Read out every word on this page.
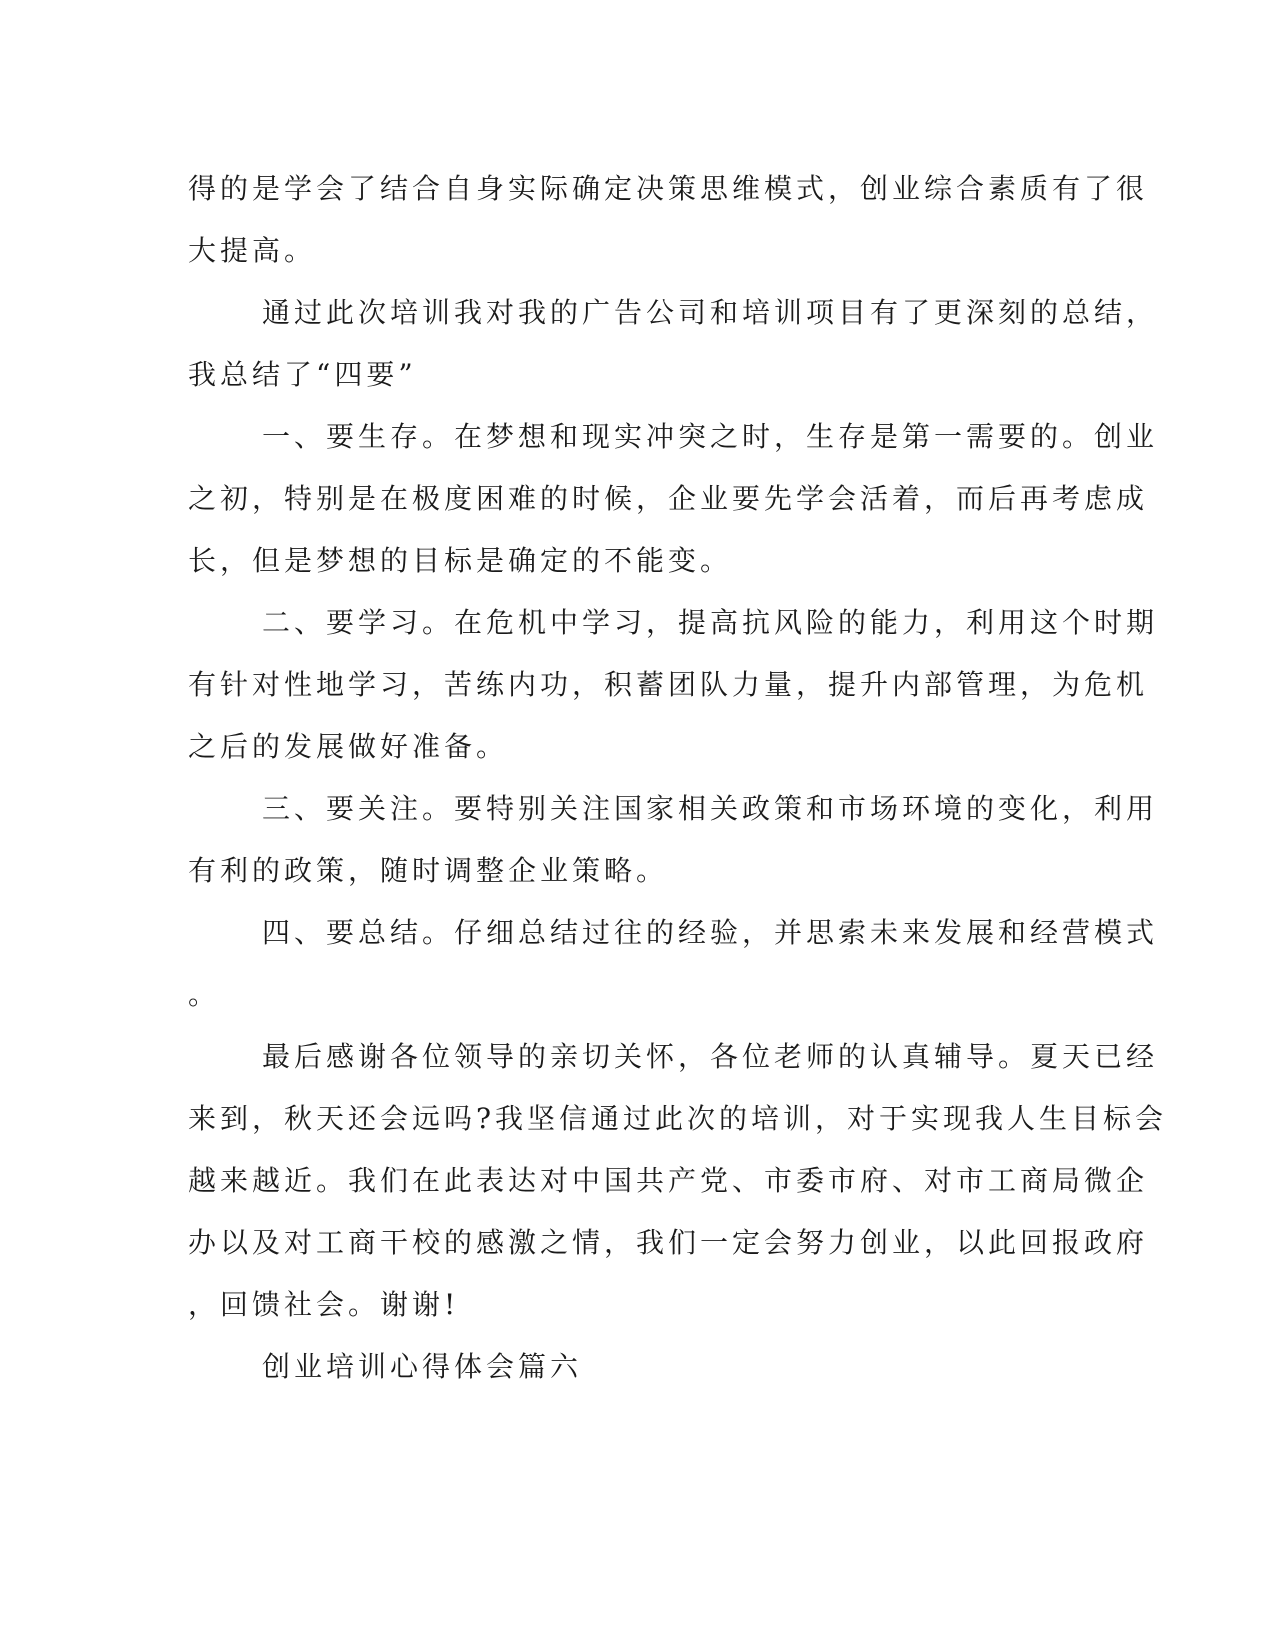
得的是学会了结合自身实际确定决策思维模式，创业综合素质有了很
大提高。
通过此次培训我对我的广告公司和培训项目有了更深刻的总结，
我总结了“四要”
一、要生存。在梦想和现实冲突之时，生存是第一需要的。创业
之初，特别是在极度困难的时候，企业要先学会活着，而后再考虑成
长，但是梦想的目标是确定的不能变。
二、要学习。在危机中学习，提高抗风险的能力，利用这个时期
有针对性地学习，苦练内功，积蓄团队力量，提升内部管理，为危机
之后的发展做好准备。
三、要关注。要特别关注国家相关政策和市场环境的变化，利用
有利的政策，随时调整企业策略。
四、要总结。仔细总结过往的经验，并思索未来发展和经营模式
。
最后感谢各位领导的亲切关怀，各位老师的认真辅导。夏天已经
来到，秋天还会远吗?我坚信通过此次的培训，对于实现我人生目标会
越来越近。我们在此表达对中国共产党、市委市府、对市工商局微企
办以及对工商干校的感激之情，我们一定会努力创业，以此回报政府
，回馈社会。谢谢!
创业培训心得体会篇六
